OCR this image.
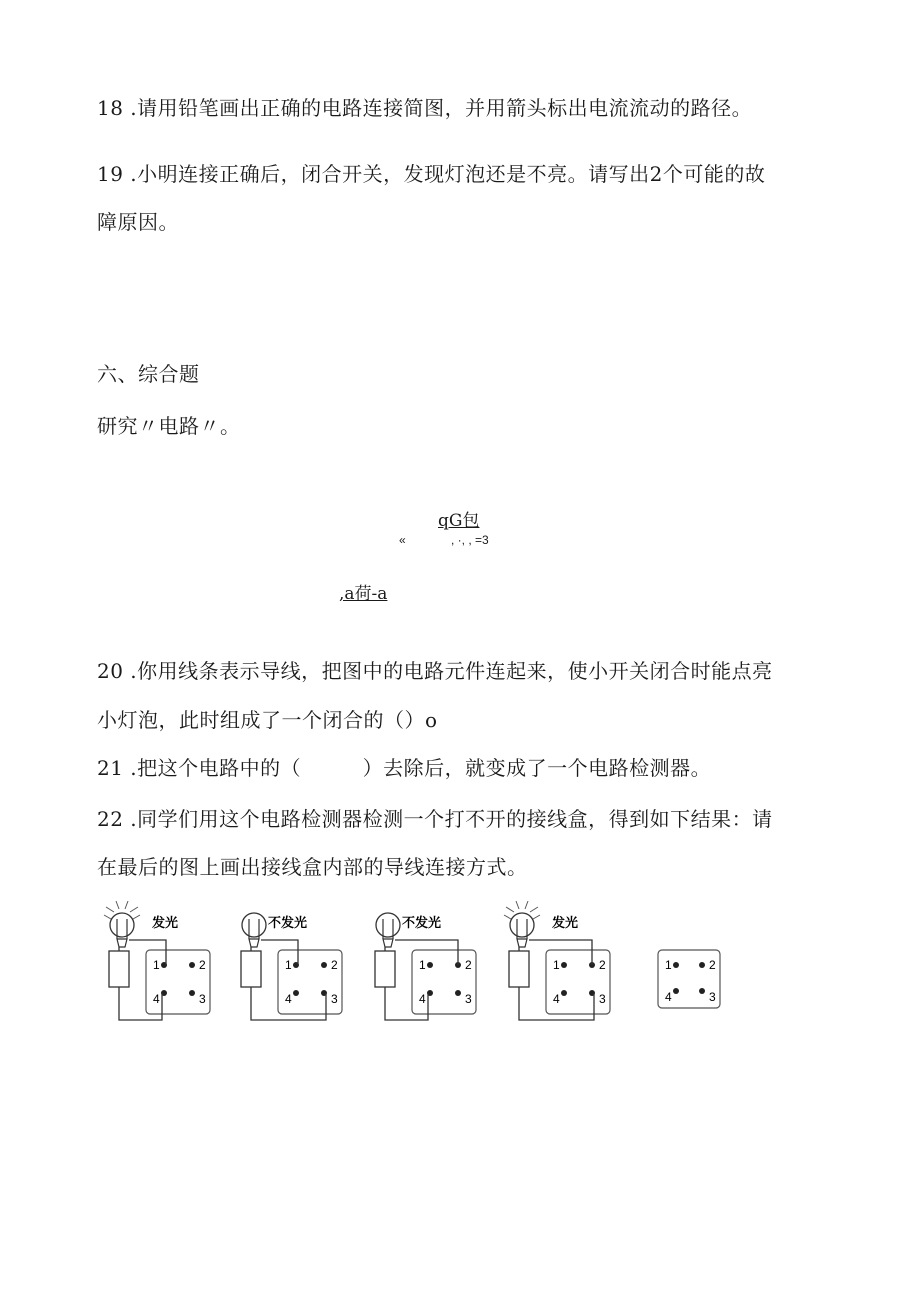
18 .请用铅笔画出正确的电路连接简图，并用箭头标出电流流动的路径。
19 .小明连接正确后，闭合开关，发现灯泡还是不亮。请写出2个可能的故
障原因。
六、综合题
研究〃电路〃。
qG包
«	, ·, , =3
,a荷-a
20 .你用线条表示导线，把图中的电路元件连起来，使小开关闭合时能点亮
小灯泡，此时组成了一个闭合的（）o
21 .把这个电路中的（　　　）去除后，就变成了一个电路检测器。
22 .同学们用这个电路检测器检测一个打不开的接线盒，得到如下结果：请
在最后的图上画出接线盒内部的导线连接方式。
发光
1	2
3
4
不发光
1	2
3
4
不发光
1	2
3
4
发光
1	2
3
4
1	2
3
4
